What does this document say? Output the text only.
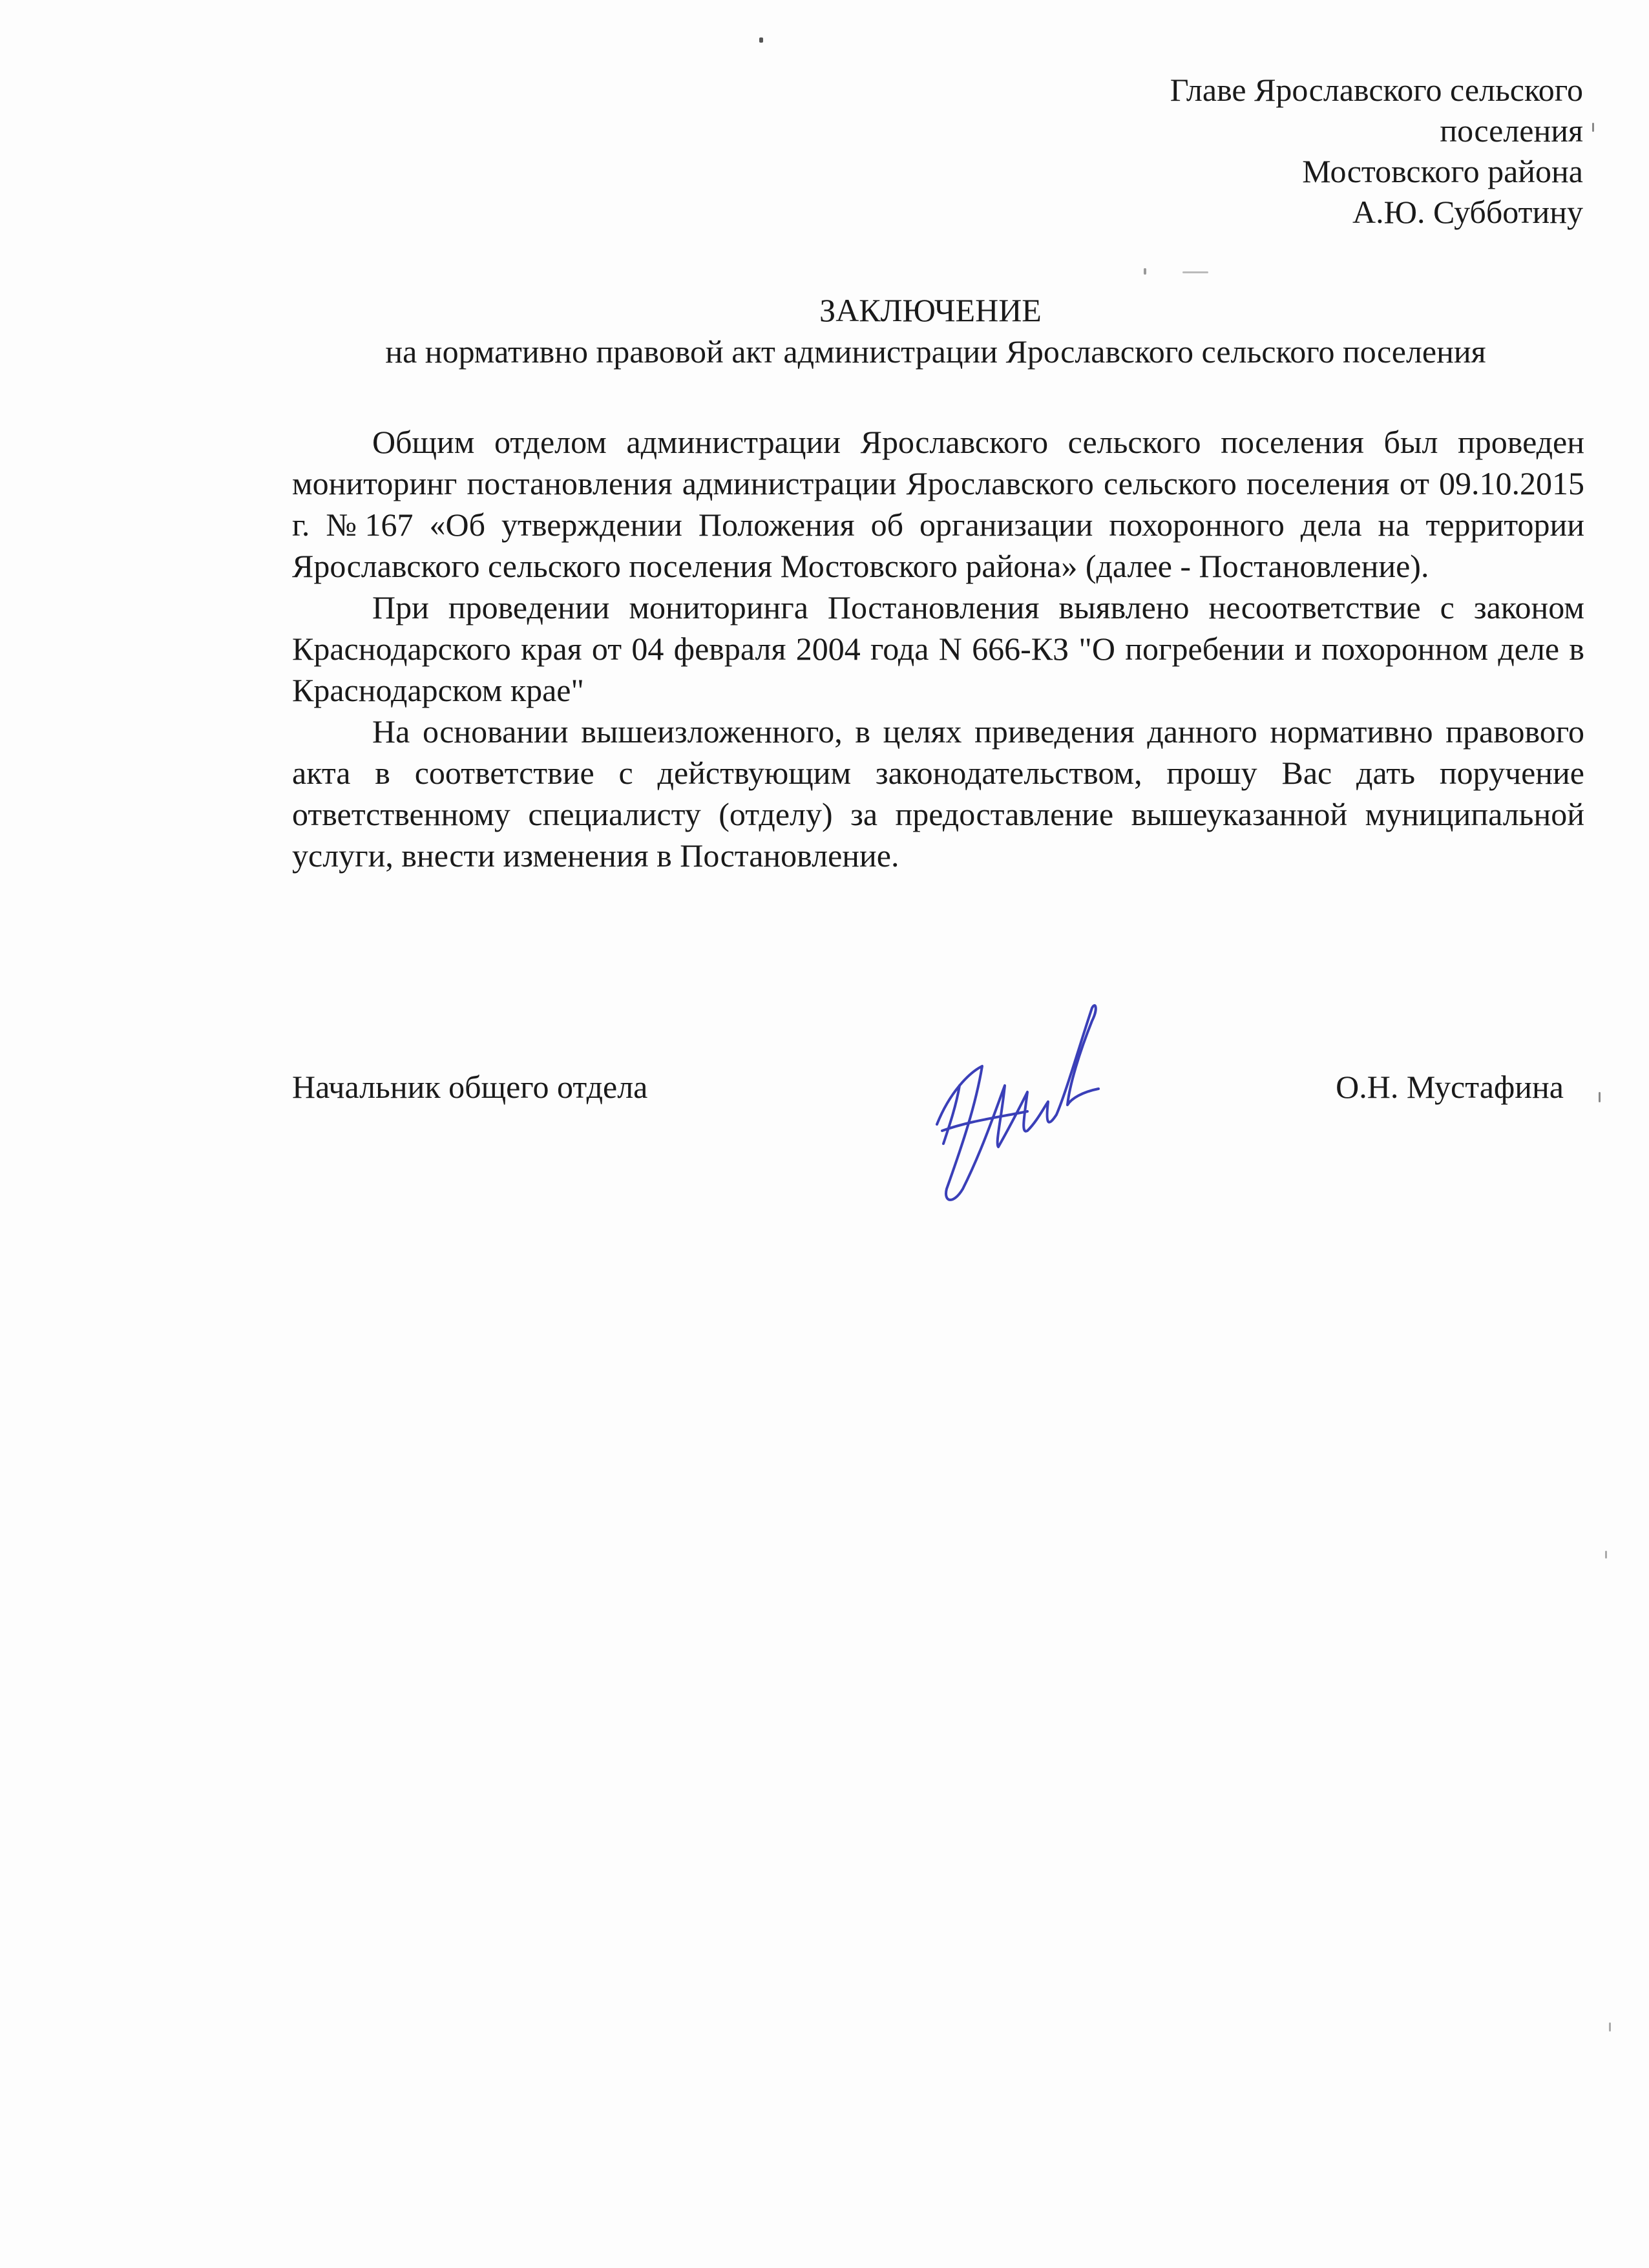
Главе Ярославского сельского
поселения
Мостовского района
А.Ю. Субботину
ЗАКЛЮЧЕНИЕ
на нормативно правовой акт администрации Ярославского сельского поселения

Общим отделом администрации Ярославского сельского поселения был проведен мониторинг постановления администрации Ярославского сельского поселения от 09.10.2015 г. №167 «Об утверждении Положения об организации похоронного дела на территории Ярославского сельского поселения Мостовского района» (далее - Постановление).

При проведении мониторинга Постановления выявлено несоответствие с законом Краснодарского края от 04 февраля 2004 года N 666-КЗ "О погребении и похоронном деле в Краснодарском крае"

На основании вышеизложенного, в целях приведения данного нормативно правового акта в соответствие с действующим законодательством, прошу Вас дать поручение ответственному специалисту (отделу) за предоставление вышеуказанной муниципальной услуги, внести изменения в Постановление.

Начальник общего отдела	О.Н. Мустафина
